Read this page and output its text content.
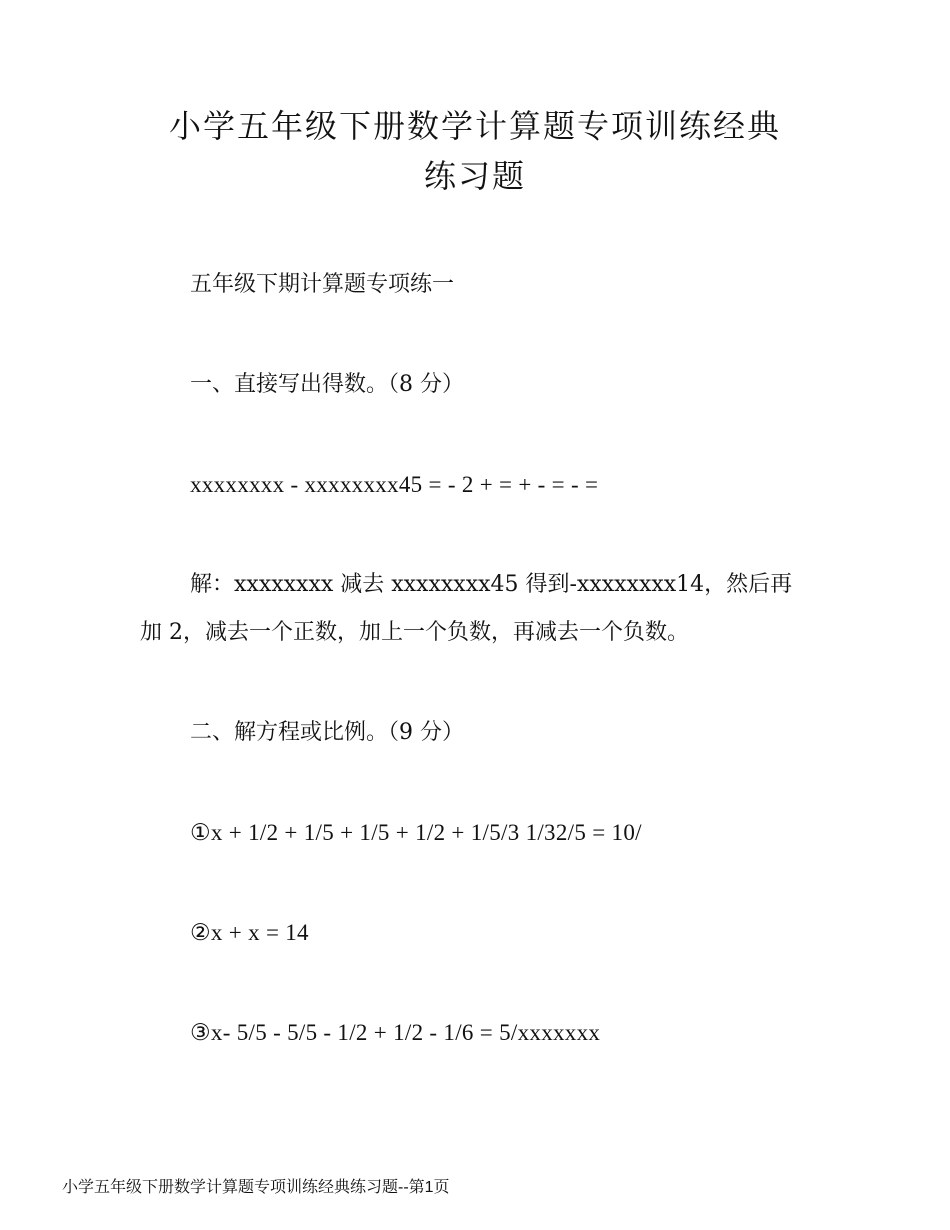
小学五年级下册数学计算题专项训练经典
练习题
五年级下期计算题专项练一
一、直接写出得数。（8 分）
xxxxxxxx - xxxxxxxx45 = - 2 + = + - = - =
解：xxxxxxxx 减去 xxxxxxxx45 得到-xxxxxxxx14，然后再
加 2，减去一个正数，加上一个负数，再减去一个负数。
二、解方程或比例。（9 分）
①x + 1/2 + 1/5 + 1/5 + 1/2 + 1/5/3 1/32/5 = 10/
②x + x = 14
③x- 5/5 - 5/5 - 1/2 + 1/2 - 1/6 = 5/xxxxxxx
小学五年级下册数学计算题专项训练经典练习题--第1页
